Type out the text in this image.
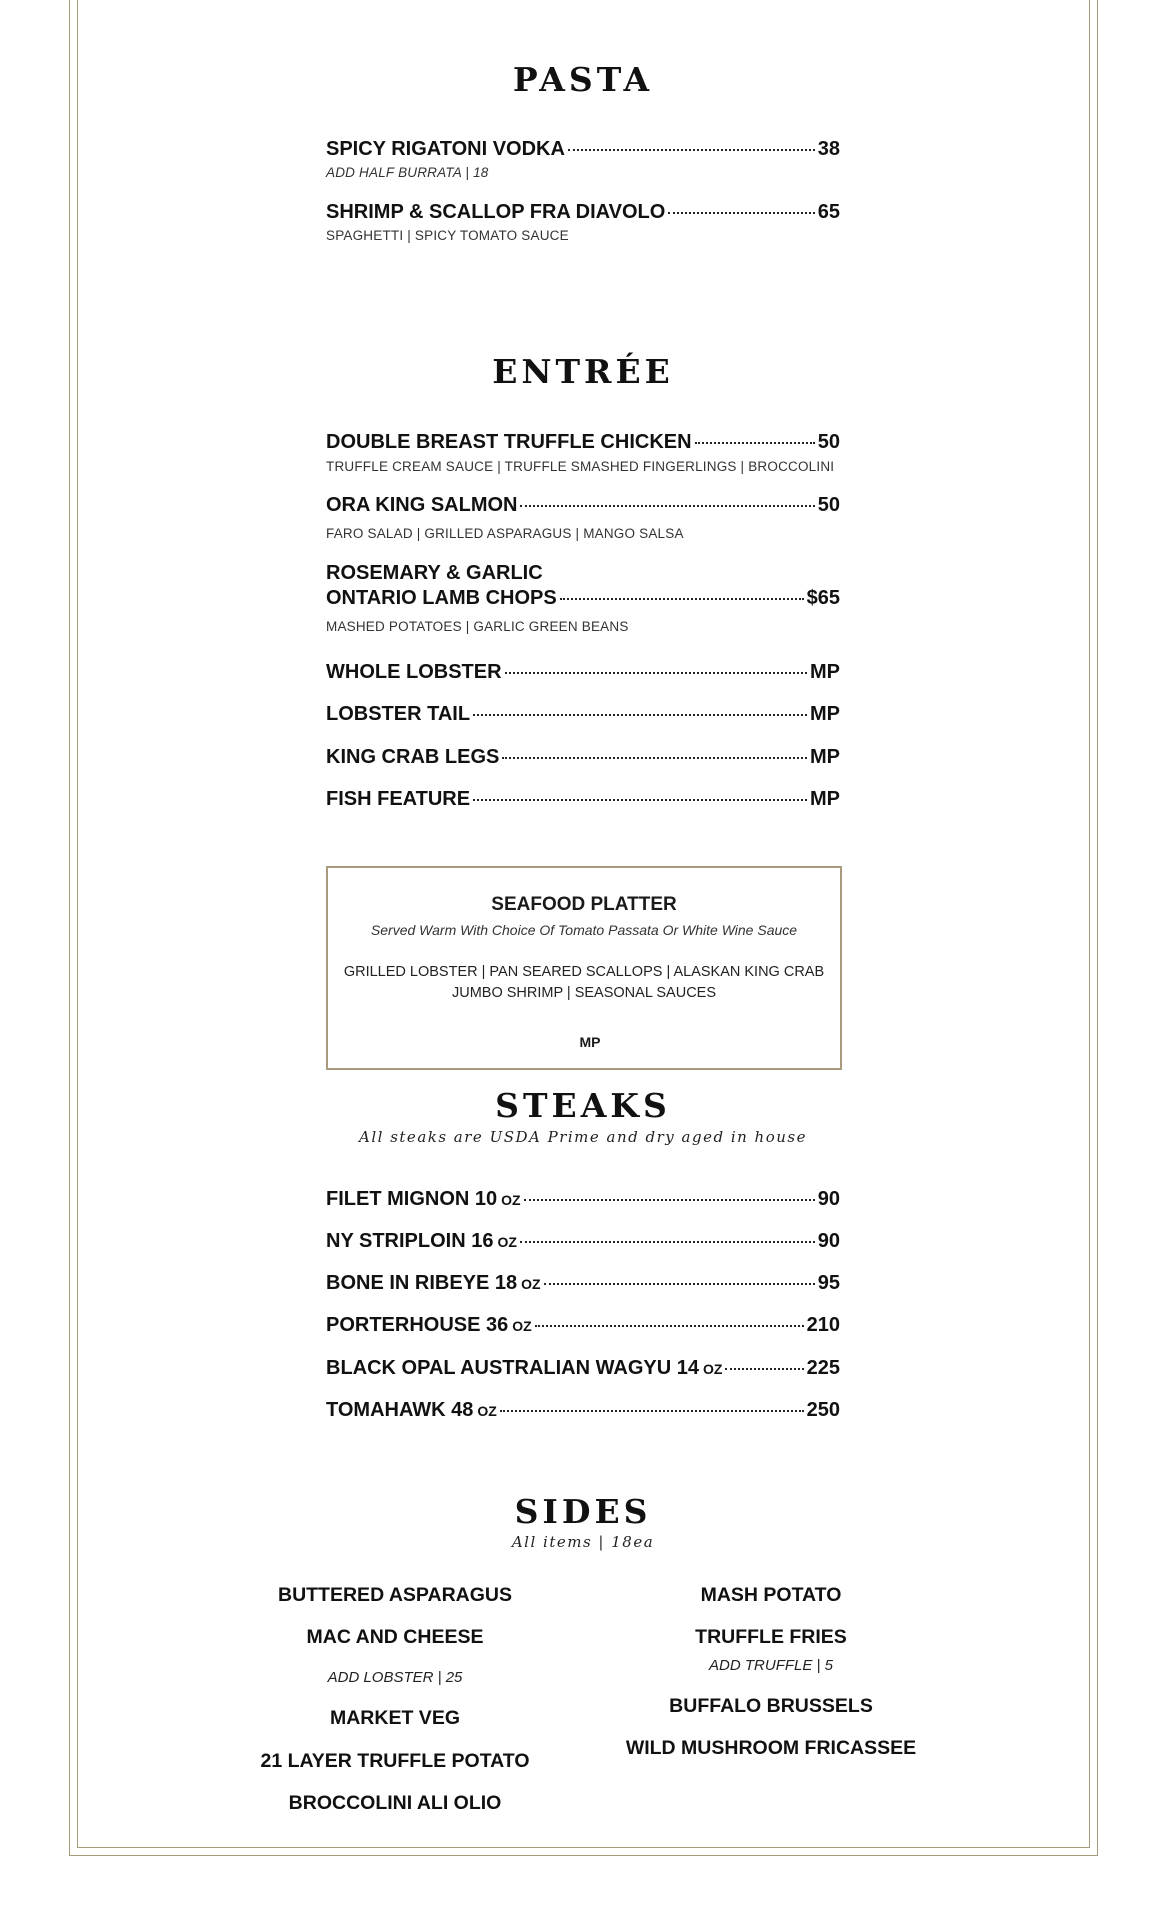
PASTA
SPICY RIGATONI VODKA	38
ADD HALF BURRATA | 18
SHRIMP & SCALLOP FRA DIAVOLO	65
SPAGHETTI | SPICY TOMATO SAUCE
ENTRÉE
DOUBLE BREAST TRUFFLE CHICKEN	50
TRUFFLE CREAM SAUCE | TRUFFLE SMASHED FINGERLINGS | BROCCOLINI
ORA KING SALMON	50
FARO SALAD | GRILLED ASPARAGUS | MANGO SALSA
ROSEMARY & GARLIC
ONTARIO LAMB CHOPS	$65
MASHED POTATOES | GARLIC GREEN BEANS
WHOLE LOBSTER	MP
LOBSTER TAIL	MP
KING CRAB LEGS	MP
FISH FEATURE	MP
SEAFOOD PLATTER
Served Warm With Choice Of Tomato Passata Or White Wine Sauce
GRILLED LOBSTER | PAN SEARED SCALLOPS | ALASKAN KING CRAB
JUMBO SHRIMP | SEASONAL SAUCES
MP
STEAKS
All steaks are USDA Prime and dry aged in house
FILET MIGNON 10 OZ	90
NY STRIPLOIN 16 OZ	90
BONE IN RIBEYE 18 OZ	95
PORTERHOUSE 36 OZ	210
BLACK OPAL AUSTRALIAN WAGYU 14 OZ	225
TOMAHAWK 48 OZ	250
SIDES
All items | 18ea
BUTTERED ASPARAGUS
MAC AND CHEESE
ADD LOBSTER | 25
MARKET VEG
21 LAYER TRUFFLE POTATO
BROCCOLINI ALI OLIO
MASH POTATO
TRUFFLE FRIES
ADD TRUFFLE | 5
BUFFALO BRUSSELS
WILD MUSHROOM FRICASSEE
